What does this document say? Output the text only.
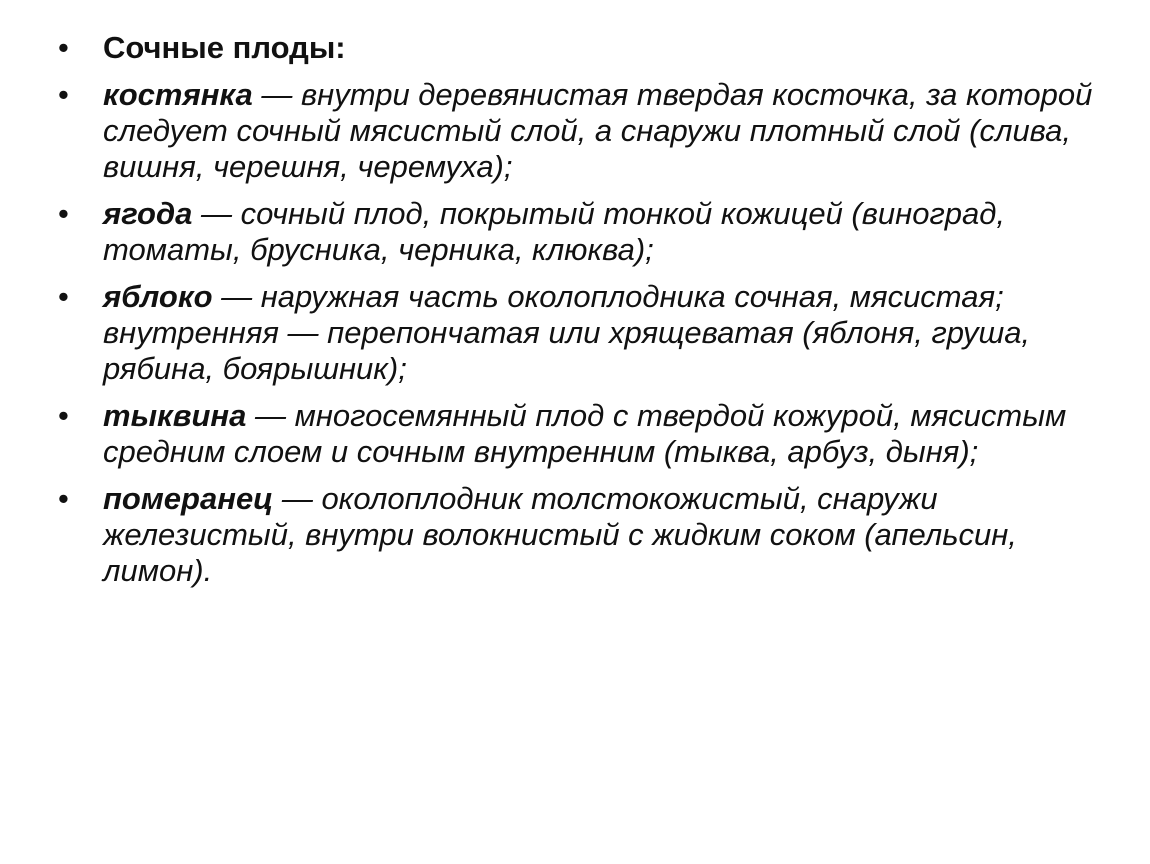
•	Сочные плоды:
•	костянка — внутри деревянистая твердая косточка, за которой следует сочный мясистый слой, а снаружи плотный слой (слива, вишня, черешня, черемуха);
•	ягода — сочный плод, покрытый тонкой кожицей (виноград, томаты, брусника, черника, клюква);
•	яблоко — наружная часть околоплодника сочная, мясистая; внутренняя — перепончатая или хрящеватая (яблоня, груша, рябина, боярышник);
•	тыквина — многосемянный плод с твердой кожурой, мясистым средним слоем и сочным внутренним (тыква, арбуз, дыня);
•	померанец — околоплодник толстокожистый, снаружи железистый, внутри волокнистый с жидким соком (апельсин, лимон).
